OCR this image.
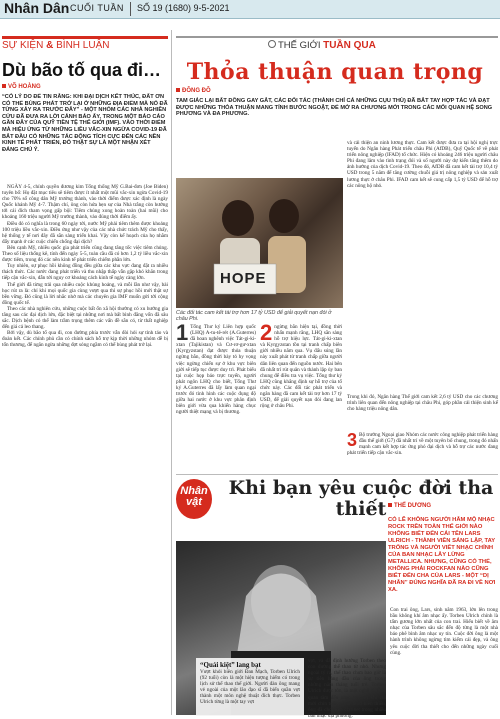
Nhân Dân CUỐI TUẦN SỐ 19 (1680) 9-5-2021
SỰ KIỆN & BÌNH LUẬN
Dù bão tố qua đi…
VÕ HOÀNG
“CÓ LÝ DO ĐỂ TIN RẰNG: KHI ĐẠI DỊCH KẾT THÚC, ĐẤT ƠN CÓ THỂ BÙNG PHÁT TRỞ LẠI Ở NHỮNG ĐỊA ĐIỂM MÀ NÓ ĐÃ TỪNG XẢY RA TRƯỚC ĐÂY” - MỘT NHÓM CÁC NHÀ NGHIÊN CỨU ĐÃ ĐƯA RA LỜI CẢNH BÁO ẤY, TRONG MỘT BÁO CÁO GẦN ĐÂY CỦA QUỸ TIỀN TỆ THẾ GIỚI (IMF). VÀO THỜI ĐIỂM MÀ HIỆU ỨNG TỪ NHỮNG LIỀU VẮC-XIN NGỪA COVID-19 ĐÃ BẮT ĐẦU CÓ NHỮNG TÁC ĐỘNG TÍCH CỰC ĐẾN CÁC NỀN KINH TẾ PHÁT TRIỂN, ĐÓ THẬT SỰ LÀ MỘT NHẬN XÉT ĐÁNG CHÚ Ý.

NGÀY 4-5, chính quyền đương kim Tổng thống Mỹ G.Bai-đơn (Joe Biden) tuyên bố: Họ đặt mục tiêu sẽ tiêm được ít nhất một mũi vắc-xin ngừa Covid-19 cho 70% số công dân Mỹ trưởng thành, vào thời điểm được xác định là ngày Quốc khánh Mỹ 4-7. Thậm chí, ông còn hứa hẹn sự của Nhà trắng còn hướng tới cái đích tham vọng gấp bội: Tiêm chủng xong hoàn toàn (hai mũi) cho khoảng 160 triệu người Mỹ trưởng thành, vào đúng thời điểm ấy.

Điều đó có nghĩa là trong 60 ngày tới, nước Mỹ phải tiêm thêm được khoảng 100 triệu liều vắc-xin. Điều ứng như vậy của các nhà chức trách Mỹ cho thấy, hệ thống y tế nơi đây đã sẵn sàng triển khai. Vậy còn kế hoạch của họ nhằm đẩy mạnh ở các cuộc chiến chống đại dịch?

Bên cạnh Mỹ, nhiều quốc gia phát triển cũng đang tăng tốc việc tiêm chủng. Theo số liệu thống kê, tính đến ngày 5-5, toàn cầu đã có hơn 1,2 tỷ liều vắc-xin được tiêm, trong đó các nền kinh tế phát triển chiếm phần lớn.

Tuy nhiên, sự phục hồi không đồng đều giữa các khu vực đang đặt ra nhiều thách thức. Các nước đang phát triển và thu nhập thấp vẫn gặp khó khăn trong tiếp cận vắc-xin, dẫn tới nguy cơ khoảng cách kinh tế ngày càng lớn.

Thế giới đã từng trải qua nhiều cuộc khủng hoảng, và mỗi lần như vậy, bài học rút ra là: chỉ khi mọi quốc gia cùng vượt qua thì sự phục hồi mới thật sự bền vững. Đó cũng là lời nhắc nhở mà các chuyên gia IMF muốn gửi tới cộng đồng quốc tế.

Theo các nhà nghiên cứu, những cuộc bất ổn xã hội thường có xu hướng gia tăng sau các đại dịch lớn, đặc biệt tại những nơi mà bất bình đẳng vốn đã sâu sắc. Dịch bệnh có thể làm trầm trọng thêm các vấn đề sẵn có, từ thất nghiệp đến giá cả leo thang.

Bởi vậy, dù bão tố qua đi, con đường phía trước vẫn đòi hỏi sự tỉnh táo và đoàn kết. Các chính phủ cần có chính sách hỗ trợ kịp thời những nhóm dễ bị tổn thương, để ngăn ngừa những đợt sóng ngầm có thể bùng phát trở lại.

THẾ GIỚI TUẦN QUA
Thỏa thuận quan trọng
ĐÔNG ĐÔ
TAM GIÁC LẠI BẤT ĐỒNG GAY GẮT, CÁC ĐỐI TÁC (THÀNH CHỈ CÁ NHỮNG CỤU THÙ) ĐÃ BẮT TAY HỢP TÁC VÀ ĐẠT ĐƯỢC NHỮNG THỎA THUẬN MANG TÍNH BƯỚC NGOẶT, ĐỂ MỞ RA CHƯƠNG MỚI TRONG CÁC MỐI QUAN HỆ SONG PHƯƠNG VÀ ĐA PHƯƠNG.
HOPE
Các đối tác cam kết tài trợ hơn 17 tỷ USD để giải quyết nạn đói ở châu Phi.
1 Tổng Thư ký Liên hợp quốc (LHQ) A-tu-tê-rét (A.Guterres) đã hoan nghênh việc Tát-gi-ki-xtan (Tajikistan) và Cư-rơ-gư-xtan (Kyrgyzstan) đạt được thỏa thuận ngừng bắn, đồng thời bày tỏ hy vọng việc ngừng chiến sự ở khu vực biên giới sẽ tiếp tục được duy trì. Phát biểu tại cuộc họp báo trực tuyến, người phát ngôn LHQ cho biết, Tổng Thư ký A.Guterres đã lấy làm quan ngại trước đó tình hình các cuộc đụng độ giữa hai nước ở khu vực phân định biên giới vừa qua khiến hàng chục người thiệt mạng và bị thương.
2 ngừng bắn hiện tại, đồng thời nhấn mạnh rằng, LHQ sẵn sàng hỗ trợ hiệu lực. Tát-gi-ki-xtan và Kyrgyzstan tồn tại tranh chấp biên giới nhiều năm qua. Vụ đấu súng lần này xuất phát từ tranh chấp giữa người dân liên quan đến nguồn nước. Hai bên đã nhất trí rút quân và thành lập ủy ban chung để điều tra vụ việc. Tổng thư ký LHQ cũng khẳng định sự hỗ trợ của tổ chức này. Các đối tác phát triển và ngân hàng đã cam kết tài trợ hơn 17 tỷ USD, để giải quyết nạn đói đang lan rộng ở châu Phi.
và cải thiện an ninh lương thực. Cam kết được đưa ra tại hội nghị trực tuyến do Ngân hàng Phát triển châu Phi (AfDB), Quỹ Quốc tế về phát triển nông nghiệp (IFAD) tổ chức. Hiện có khoảng 246 triệu người châu Phi đang lâm vào tình trạng đói và số người này dự kiến tăng thêm do ảnh hưởng của dịch Covid-19. Theo đó, AfDB đã cam kết tài trợ 10,4 tỷ USD trong 5 năm để tăng cường chuỗi giá trị nông nghiệp và sản xuất lương thực ở châu Phi. IFAD cam kết sẽ cung cấp 1,5 tỷ USD để hỗ trợ các nông hộ nhỏ.
Trong khi đó, Ngân hàng Thế giới cam kết 2,6 tỷ USD cho các chương trình liên quan đến nông nghiệp tại châu Phi, góp phần cải thiện sinh kế cho hàng triệu nông dân.
3 Bộ trưởng Ngoại giao Nhóm các nước công nghiệp phát triển hàng đầu thế giới (G7) đã nhất trí về một tuyên bố chung, trong đó nhấn mạnh cam kết hợp tác ứng phó đại dịch và hỗ trợ các nước đang phát triển tiếp cận vắc-xin.
Nhân
vật
Khi bạn yêu cuộc đời tha thiết	THẾ DƯƠNG
CÓ LẼ KHÔNG NGƯỜI HÂM MỘ NHẠC ROCK TRÊN TOÀN THẾ GIỚI NÀO KHÔNG BIẾT ĐẾN CÁI TÊN LARS ULRICH - THÀNH VIÊN SÁNG LẬP, TAY TRỐNG VÀ NGƯỜI VIẾT NHẠC CHÍNH CỦA BAN NHẠC LẪY LỪNG METALLICA. NHƯNG, CŨNG CÓ THỂ, KHÔNG PHẢI ROCKFAN NÀO CŨNG BIẾT ĐẾN CHA CỦA LARS - MỘT “DỊ NHÂN” ĐÚNG NGHĨA ĐÃ RA ĐI VỀ NƠI XA.
“Quái kiệt” lang bạt
Vượt khỏi biên giới Đan Mạch, Torben Ulrich (92 tuổi) còn là một hiện tượng hiếm có trong lịch sử thể thao thế giới. Người đàn ông mang vẻ ngoài của một lão đạo sĩ đã biến quần vợt thành một môn nghệ thuật đích thực. Torben Ulrich từng là một tay vợt
vợt, và đã định hướng Torben theo con đường thể thao từ nhỏ. Nhưng ngoài tỷ ra, thế thao chưa bao giờ là sự tiên hàng đầu của ông trong những năm tháng tuổi trẻ. Torben Ulrich được tôn, là một nghệ sĩ. Ông quan tâm đến nhạc jazz từ khi chỉ mới chín tuổi, và từ thuở niên thiếu, ông đã chơi kèn clarinet trong nhiều ban nhạc địa phương.
Con trai ông, Lars, sinh năm 1963, lớn lên trong bầu không khí âm nhạc ấy. Torben Ulrich chính là tấm gương lớn nhất của con trai. Hiếu biết về âm nhạc của Torben sâu sắc đến độ từng là một nhà báo phê bình âm nhạc uy tín. Cuộc đời ông là một hành trình không ngừng tìm kiếm cái đẹp, và ông yêu cuộc đời tha thiết cho đến những ngày cuối cùng.
